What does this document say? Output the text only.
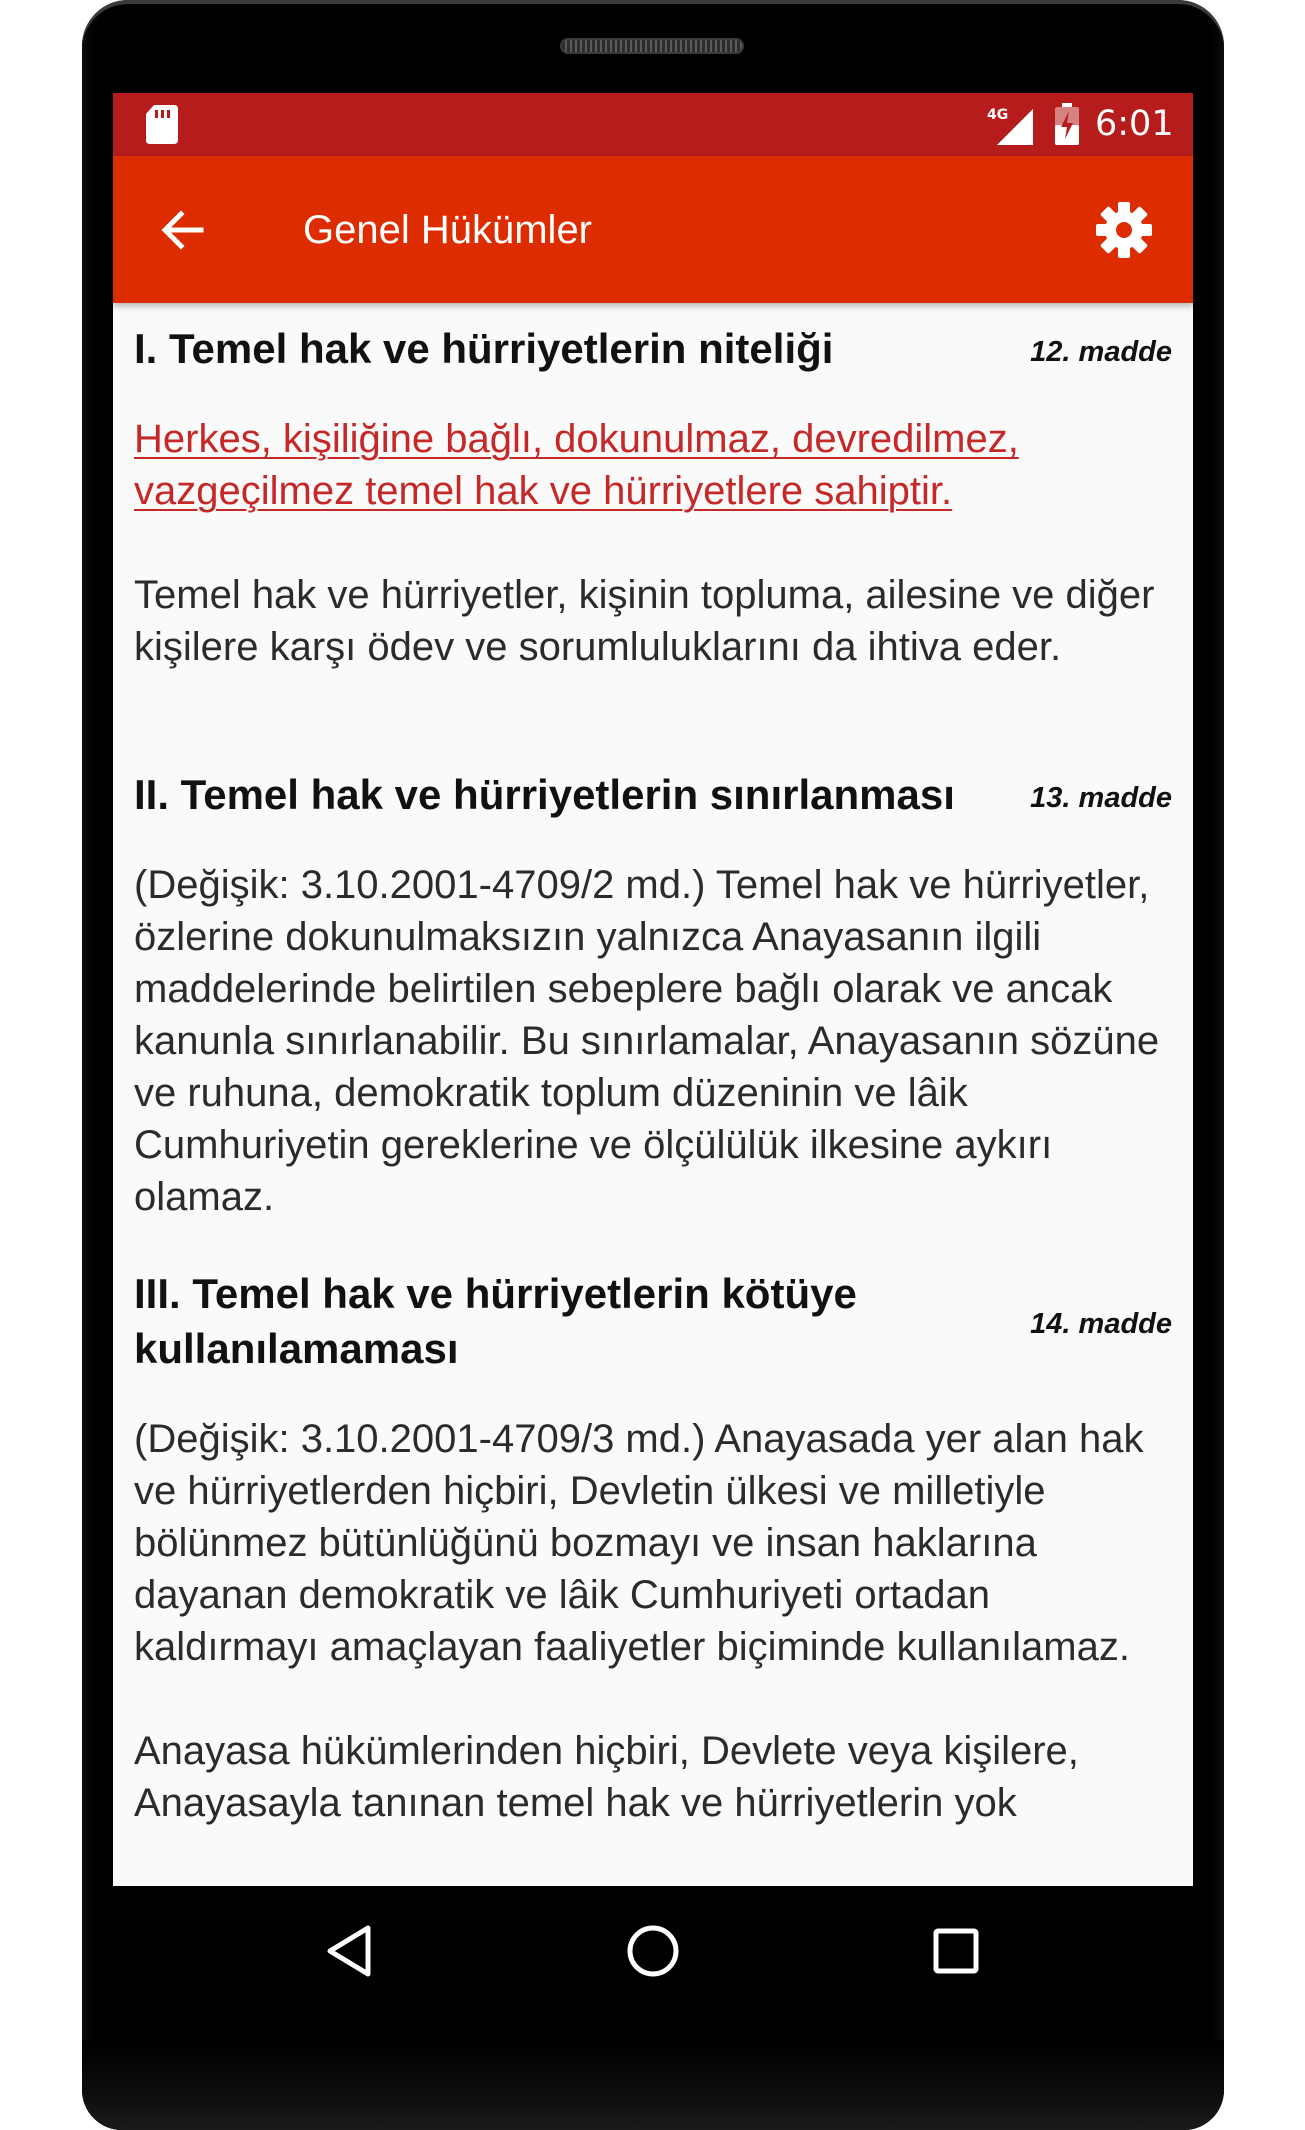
4G 6:01
Genel Hükümler
I. Temel hak ve hürriyetlerin niteliği	12. madde

Herkes, kişiliğine bağlı, dokunulmaz, devredilmez, vazgeçilmez temel hak ve hürriyetlere sahiptir.

Temel hak ve hürriyetler, kişinin topluma, ailesine ve diğer kişilere karşı ödev ve sorumluluklarını da ihtiva eder.

II. Temel hak ve hürriyetlerin sınırlanması	13. madde

(Değişik: 3.10.2001-4709/2 md.) Temel hak ve hürriyetler, özlerine dokunulmaksızın yalnızca Anayasanın ilgili maddelerinde belirtilen sebeplere bağlı olarak ve ancak kanunla sınırlanabilir. Bu sınırlamalar, Anayasanın sözüne ve ruhuna, demokratik toplum düzeninin ve lâik Cumhuriyetin gereklerine ve ölçülülük ilkesine aykırı olamaz.

III. Temel hak ve hürriyetlerin kötüye kullanılamaması
14. madde

(Değişik: 3.10.2001-4709/3 md.) Anayasada yer alan hak ve hürriyetlerden hiçbiri, Devletin ülkesi ve milletiyle bölünmez bütünlüğünü bozmayı ve insan haklarına dayanan demokratik ve lâik Cumhuriyeti ortadan kaldırmayı amaçlayan faaliyetler biçiminde kullanılamaz.

Anayasa hükümlerinden hiçbiri, Devlete veya kişilere, Anayasayla tanınan temel hak ve hürriyetlerin yok
